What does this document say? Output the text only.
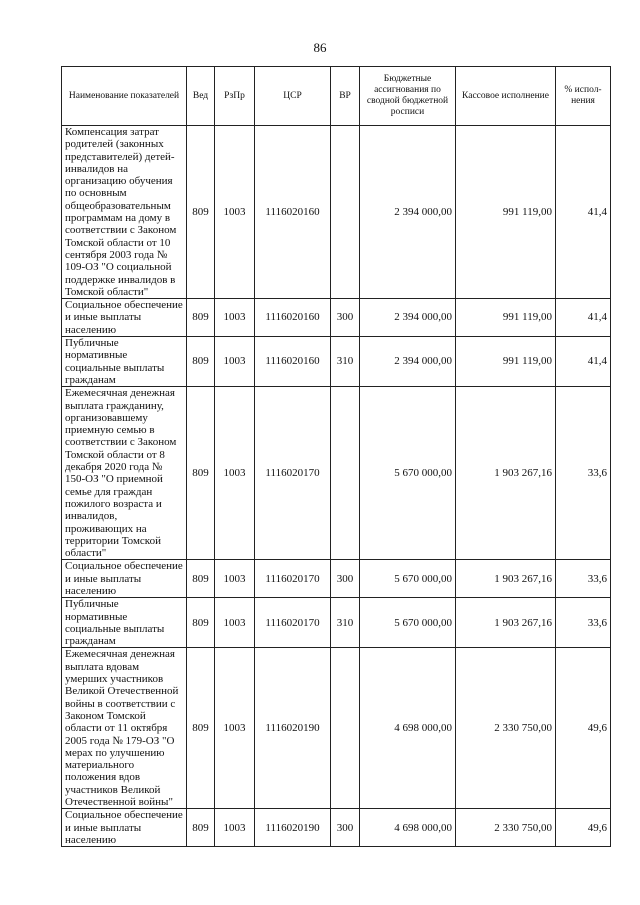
86
Наименование показателей	Вед	РзПр	ЦСР	ВР	Бюджетные ассигнования по сводной бюджетной росписи	Кассовое исполнение	% испол-нения
Компенсация затрат родителей (законных представителей) детей-инвалидов на организацию обучения по основным общеобразовательным программам на дому в соответствии с Законом Томской области от 10 сентября 2003 года № 109-ОЗ "О социальной поддержке инвалидов в Томской области"	809	1003	1116020160		2 394 000,00	991 119,00	41,4
Социальное обеспечение и иные выплаты населению	809	1003	1116020160	300	2 394 000,00	991 119,00	41,4
Публичные нормативные социальные выплаты гражданам	809	1003	1116020160	310	2 394 000,00	991 119,00	41,4
Ежемесячная денежная выплата гражданину, организовавшему приемную семью в соответствии с Законом Томской области от 8 декабря 2020 года № 150-ОЗ "О приемной семье для граждан пожилого возраста и инвалидов, проживающих на территории Томской области"	809	1003	1116020170		5 670 000,00	1 903 267,16	33,6
Социальное обеспечение и иные выплаты населению	809	1003	1116020170	300	5 670 000,00	1 903 267,16	33,6
Публичные нормативные социальные выплаты гражданам	809	1003	1116020170	310	5 670 000,00	1 903 267,16	33,6
Ежемесячная денежная выплата вдовам умерших участников Великой Отечественной войны в соответствии с Законом Томской области от 11 октября 2005 года № 179-ОЗ "О мерах по улучшению материального положения вдов участников Великой Отечественной войны"	809	1003	1116020190		4 698 000,00	2 330 750,00	49,6
Социальное обеспечение и иные выплаты населению	809	1003	1116020190	300	4 698 000,00	2 330 750,00	49,6
